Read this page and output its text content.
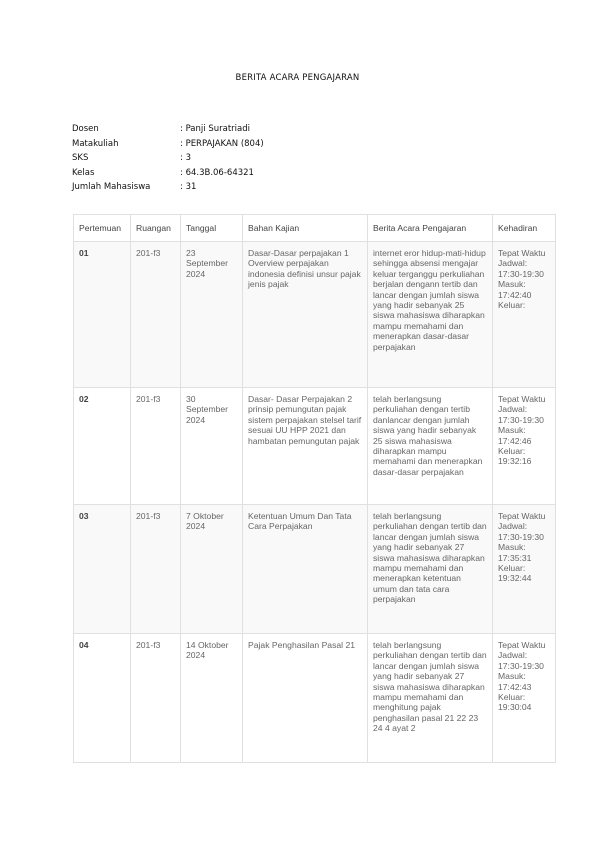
BERITA ACARA PENGAJARAN
Dosen	: Panji Suratriadi
Matakuliah	: PERPAJAKAN (804)
SKS	: 3
Kelas	: 64.3B.06-64321
Jumlah Mahasiswa	: 31
Pertemuan	Ruangan	Tanggal	Bahan Kajian	Berita Acara Pengajaran	Kehadiran
01	201-f3	23 September 2024	Dasar-Dasar perpajakan 1 Overview perpajakan indonesia definisi unsur pajak jenis pajak	internet eror hidup-mati-hidup sehingga absensi mengajar keluar terganggu perkuliahan berjalan dengann tertib dan lancar dengan jumlah siswa yang hadir sebanyak 25 siswa mahasiswa diharapkan mampu memahami dan menerapkan dasar-dasar perpajakan	Tepat Waktu Jadwal: 17:30-19:30 Masuk: 17:42:40 Keluar:
02	201-f3	30 September 2024	Dasar- Dasar Perpajakan 2 prinsip pemungutan pajak sistem perpajakan stelsel tarif sesuai UU HPP 2021 dan hambatan pemungutan pajak	telah berlangsung perkuliahan dengan tertib danlancar dengan jumlah siswa yang hadir sebanyak 25 siswa mahasiswa diharapkan mampu memahami dan menerapkan dasar-dasar perpajakan	Tepat Waktu Jadwal: 17:30-19:30 Masuk: 17:42:46 Keluar: 19:32:16
03	201-f3	7 Oktober 2024	Ketentuan Umum Dan Tata Cara Perpajakan	telah berlangsung perkuliahan dengan tertib dan lancar dengan jumlah siswa yang hadir sebanyak 27 siswa mahasiswa diharapkan mampu memahami dan menerapkan ketentuan umum dan tata cara perpajakan	Tepat Waktu Jadwal: 17:30-19:30 Masuk: 17:35:31 Keluar: 19:32:44
04	201-f3	14 Oktober 2024	Pajak Penghasilan Pasal 21	telah berlangsung perkuliahan dengan tertib dan lancar dengan jumlah siswa yang hadir sebanyak 27 siswa mahasiswa diharapkan mampu memahami dan menghitung pajak penghasilan pasal 21 22 23 24 4 ayat 2	Tepat Waktu Jadwal: 17:30-19:30 Masuk: 17:42:43 Keluar: 19:30:04
